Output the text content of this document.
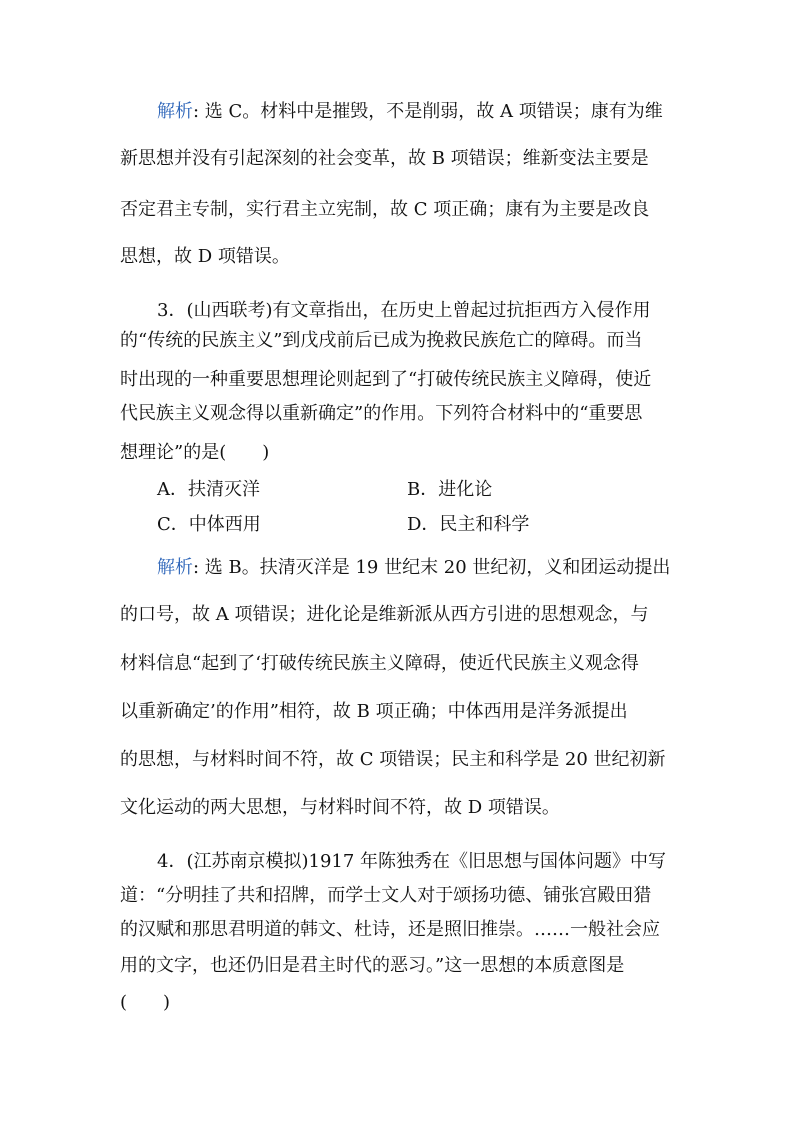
解析: 选 C。材料中是摧毁，不是削弱，故 A 项错误；康有为维
新思想并没有引起深刻的社会变革，故 B 项错误；维新变法主要是
否定君主专制，实行君主立宪制，故 C 项正确；康有为主要是改良
思想，故 D 项错误。
3．(山西联考)有文章指出，在历史上曾起过抗拒西方入侵作用
的“传统的民族主义”到戊戌前后已成为挽救民族危亡的障碍。而当
时出现的一种重要思想理论则起到了“打破传统民族主义障碍，使近
代民族主义观念得以重新确定”的作用。下列符合材料中的“重要思
想理论”的是(　　)
A．扶清灭洋	B．进化论
C．中体西用	D．民主和科学
解析: 选 B。扶清灭洋是 19 世纪末 20 世纪初，义和团运动提出
的口号，故 A 项错误；进化论是维新派从西方引进的思想观念，与
材料信息“起到了‘打破传统民族主义障碍，使近代民族主义观念得
以重新确定’的作用”相符，故 B 项正确；中体西用是洋务派提出
的思想，与材料时间不符，故 C 项错误；民主和科学是 20 世纪初新
文化运动的两大思想，与材料时间不符，故 D 项错误。
4．(江苏南京模拟)1917 年陈独秀在《旧思想与国体问题》中写
道：“分明挂了共和招牌，而学士文人对于颂扬功德、铺张宫殿田猎
的汉赋和那思君明道的韩文、杜诗，还是照旧推崇。……一般社会应
用的文字，也还仍旧是君主时代的恶习。”这一思想的本质意图是
(　　)
